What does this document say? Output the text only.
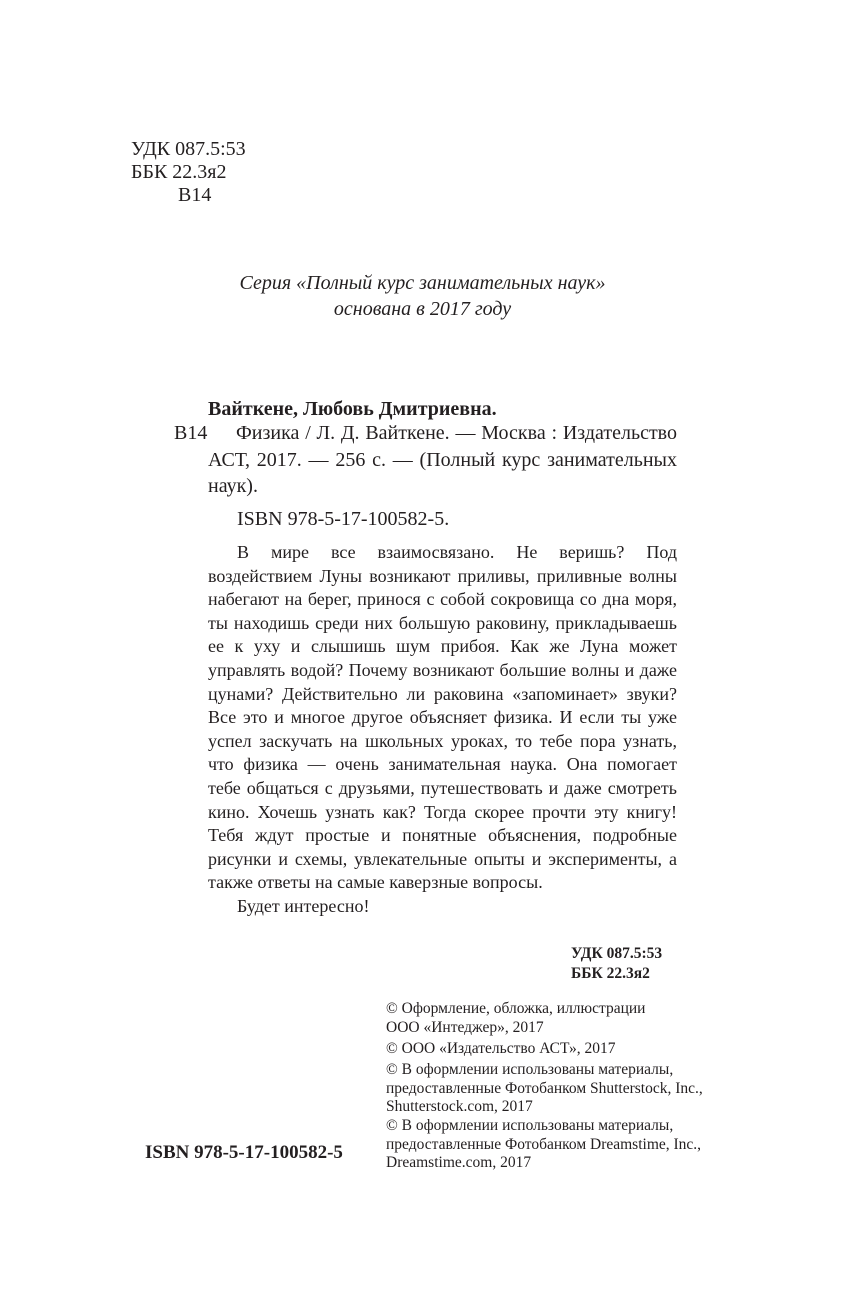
УДК 087.5:53
ББК 22.3я2
В14
Серия «Полный курс занимательных наук»
основана в 2017 году
Вайткене, Любовь Дмитриевна.
В14	Физика / Л. Д. Вайткене. — Москва : Издательство АСТ, 2017. — 256 с. — (Полный курс занимательных наук).
ISBN 978-5-17-100582-5.

В мире все взаимосвязано. Не веришь? Под воздействием Луны возникают приливы, приливные волны набегают на берег, принося с собой сокровища со дна моря, ты находишь среди них большую раковину, прикладываешь ее к уху и слышишь шум прибоя. Как же Луна может управлять водой? Почему возникают большие волны и даже цунами? Действительно ли раковина «запоминает» звуки? Все это и многое другое объясняет физика. И если ты уже успел заскучать на школьных уроках, то тебе пора узнать, что физика — очень занимательная наука. Она помогает тебе общаться с друзьями, путешествовать и даже смотреть кино. Хочешь узнать как? Тогда скорее прочти эту книгу! Тебя ждут простые и понятные объяснения, подробные рисунки и схемы, увлекательные опыты и эксперименты, а также ответы на самые каверзные вопросы.

Будет интересно!

УДК 087.5:53
ББК 22.3я2
© Оформление, обложка, иллюстрации
ООО «Интеджер», 2017
© ООО «Издательство АСТ», 2017
© В оформлении использованы материалы,
предоставленные Фотобанком Shutterstock, Inc.,
Shutterstock.com, 2017
© В оформлении использованы материалы,
предоставленные Фотобанком Dreamstime, Inc.,
Dreamstime.com, 2017
ISBN 978-5-17-100582-5
